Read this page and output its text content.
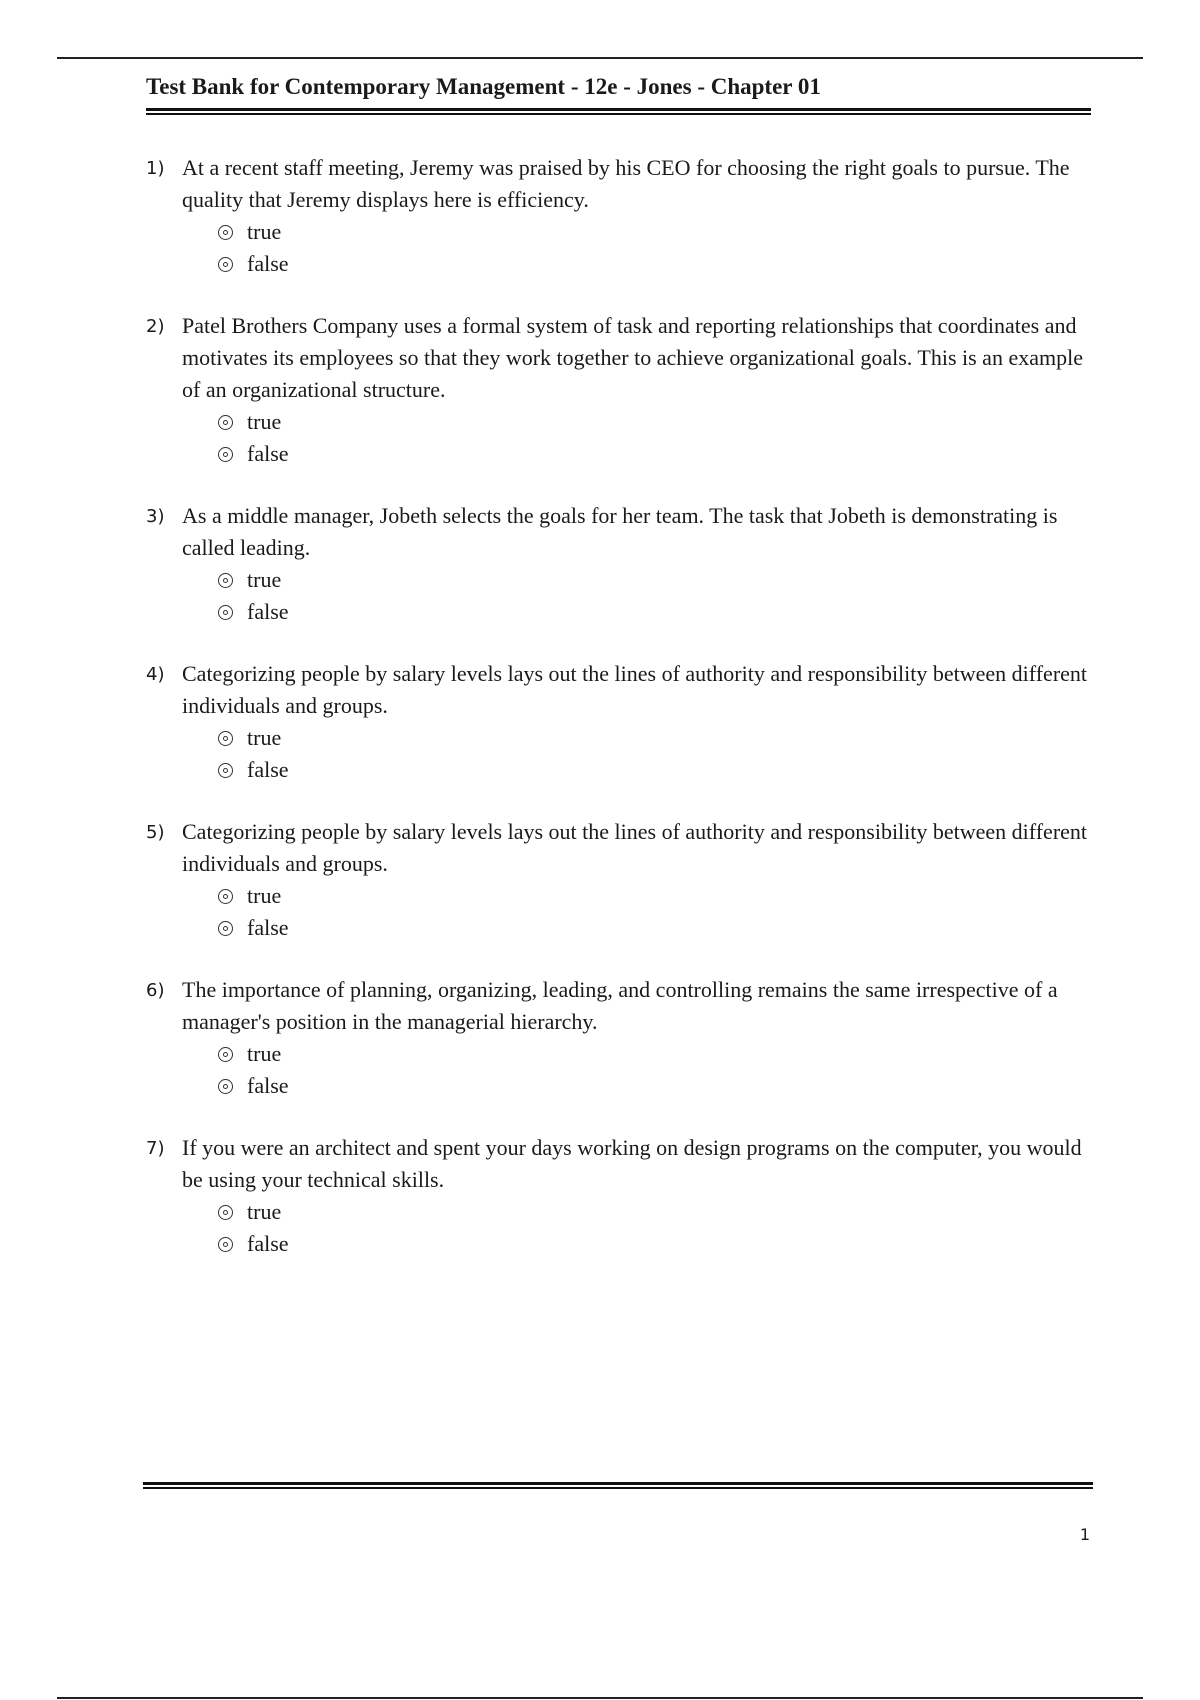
Test Bank for Contemporary Management - 12e - Jones - Chapter 01
1) At a recent staff meeting, Jeremy was praised by his CEO for choosing the right goals to pursue. The quality that Jeremy displays here is efficiency.

true
false
2) Patel Brothers Company uses a formal system of task and reporting relationships that coordinates and motivates its employees so that they work together to achieve organizational goals. This is an example of an organizational structure.

true
false
3) As a middle manager, Jobeth selects the goals for her team. The task that Jobeth is demonstrating is called leading.

true
false
4) Categorizing people by salary levels lays out the lines of authority and responsibility between different individuals and groups.

true
false
5) Categorizing people by salary levels lays out the lines of authority and responsibility between different individuals and groups.

true
false
6) The importance of planning, organizing, leading, and controlling remains the same irrespective of a manager's position in the managerial hierarchy.

true
false
7) If you were an architect and spent your days working on design programs on the computer, you would be using your technical skills.

true
false
1
